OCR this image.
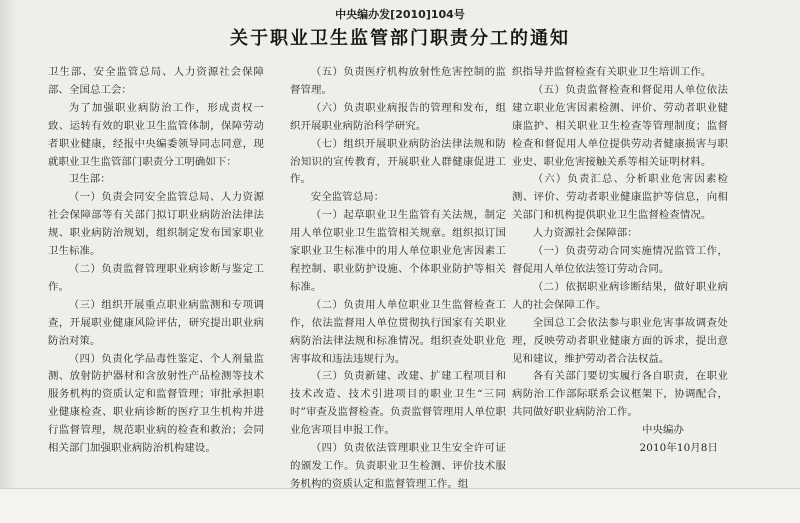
中央编办发[2010]104号
关于职业卫生监管部门职责分工的通知

卫生部、安全监管总局、人力资源社会保障部、全国总工会：

为了加强职业病防治工作，形成责权一致、运转有效的职业卫生监管体制，保障劳动者职业健康，经报中央编委领导同志同意，现就职业卫生监管部门职责分工明确如下：

卫生部：

（一）负责会同安全监管总局、人力资源社会保障部等有关部门拟订职业病防治法律法规、职业病防治规划，组织制定发布国家职业卫生标准。

（二）负责监督管理职业病诊断与鉴定工作。

（三）组织开展重点职业病监测和专项调查，开展职业健康风险评估，研究提出职业病防治对策。

（四）负责化学品毒性鉴定、个人剂量监测、放射防护器材和含放射性产品检测等技术服务机构的资质认定和监督管理；审批承担职业健康检查、职业病诊断的医疗卫生机构并进行监督管理，规范职业病的检查和救治；会同相关部门加强职业病防治机构建设。

（五）负责医疗机构放射性危害控制的监督管理。

（六）负责职业病报告的管理和发布，组织开展职业病防治科学研究。

（七）组织开展职业病防治法律法规和防治知识的宣传教育，开展职业人群健康促进工作。

安全监管总局：

（一）起草职业卫生监管有关法规，制定用人单位职业卫生监管相关规章。组织拟订国家职业卫生标准中的用人单位职业危害因素工程控制、职业防护设施、个体职业防护等相关标准。

（二）负责用人单位职业卫生监督检查工作，依法监督用人单位贯彻执行国家有关职业病防治法律法规和标准情况。组织查处职业危害事故和违法违规行为。

（三）负责新建、改建、扩建工程项目和技术改造、技术引进项目的职业卫生“三同时”审查及监督检查。负责监督管理用人单位职业危害项目申报工作。

（四）负责依法管理职业卫生安全许可证的颁发工作。负责职业卫生检测、评价技术服务机构的资质认定和监督管理工作。组

织指导并监督检查有关职业卫生培训工作。

（五）负责监督检查和督促用人单位依法建立职业危害因素检测、评价、劳动者职业健康监护、相关职业卫生检查等管理制度；监督检查和督促用人单位提供劳动者健康损害与职业史、职业危害接触关系等相关证明材料。

（六）负责汇总、分析职业危害因素检测、评价、劳动者职业健康监护等信息，向相关部门和机构提供职业卫生监督检查情况。

人力资源社会保障部：

（一）负责劳动合同实施情况监管工作，督促用人单位依法签订劳动合同。

（二）依据职业病诊断结果，做好职业病人的社会保障工作。

全国总工会依法参与职业危害事故调查处理，反映劳动者职业健康方面的诉求，提出意见和建议，维护劳动者合法权益。

各有关部门要切实履行各自职责，在职业病防治工作部际联系会议框架下，协调配合，共同做好职业病防治工作。

中央编办

2010年10月8日
